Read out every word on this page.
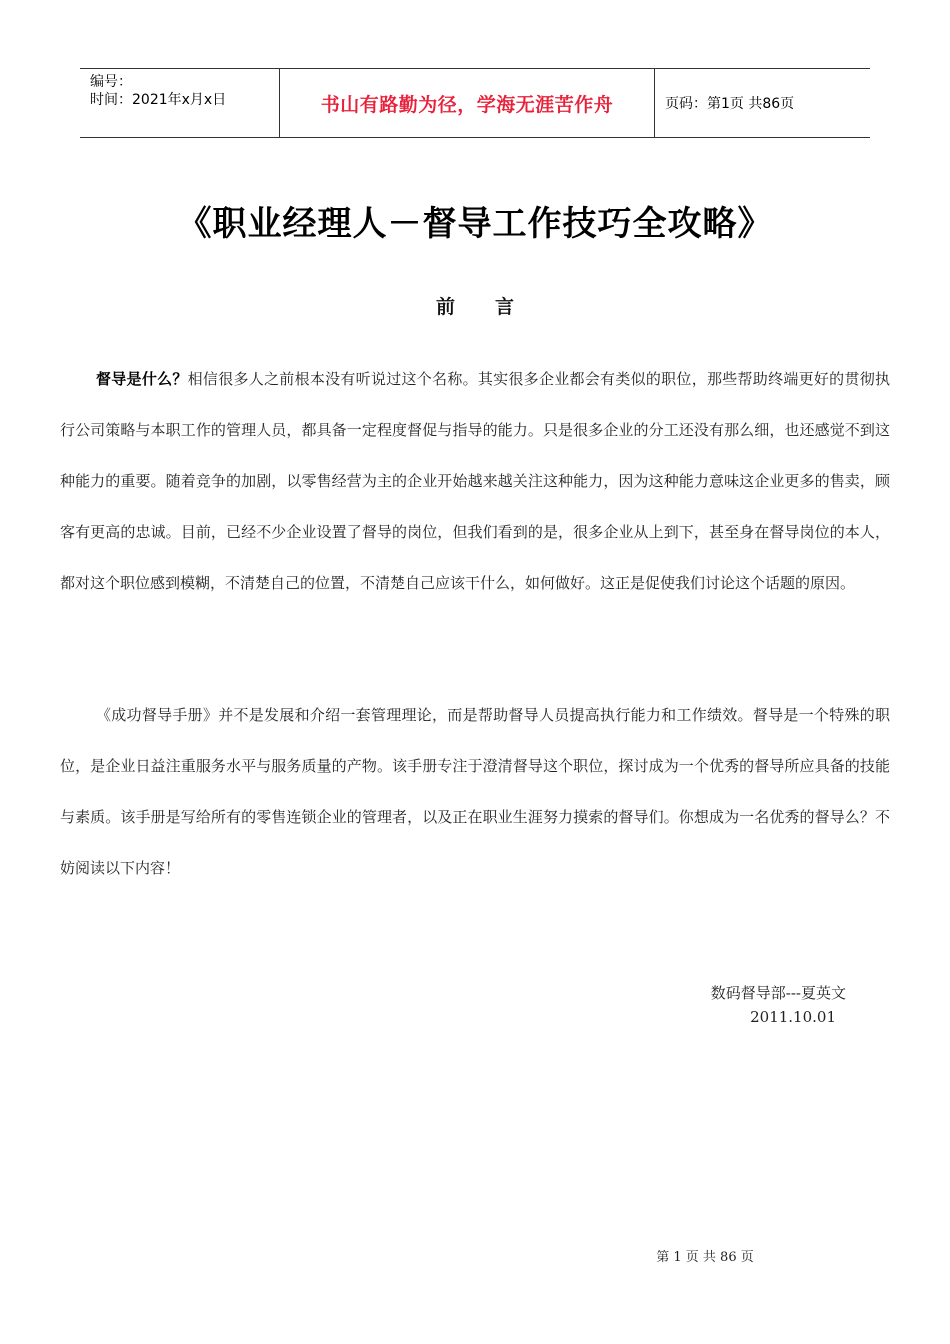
编号：
时间：2021年x月x日	书山有路勤为径，学海无涯苦作舟	页码：第1页 共86页
《职业经理人－督导工作技巧全攻略》
前言

督导是什么？相信很多人之前根本没有听说过这个名称。其实很多企业都会有类似的职位，那些帮助终端更好的贯彻执行公司策略与本职工作的管理人员，都具备一定程度督促与指导的能力。只是很多企业的分工还没有那么细，也还感觉不到这种能力的重要。随着竞争的加剧，以零售经营为主的企业开始越来越关注这种能力，因为这种能力意味这企业更多的售卖，顾客有更高的忠诚。目前，已经不少企业设置了督导的岗位，但我们看到的是，很多企业从上到下，甚至身在督导岗位的本人，都对这个职位感到模糊，不清楚自己的位置，不清楚自己应该干什么，如何做好。这正是促使我们讨论这个话题的原因。

《成功督导手册》并不是发展和介绍一套管理理论，而是帮助督导人员提高执行能力和工作绩效。督导是一个特殊的职位，是企业日益注重服务水平与服务质量的产物。该手册专注于澄清督导这个职位，探讨成为一个优秀的督导所应具备的技能与素质。该手册是写给所有的零售连锁企业的管理者，以及正在职业生涯努力摸索的督导们。你想成为一名优秀的督导么？不妨阅读以下内容！

数码督导部---夏英文

2011.10.01

第 1 页 共 86 页
